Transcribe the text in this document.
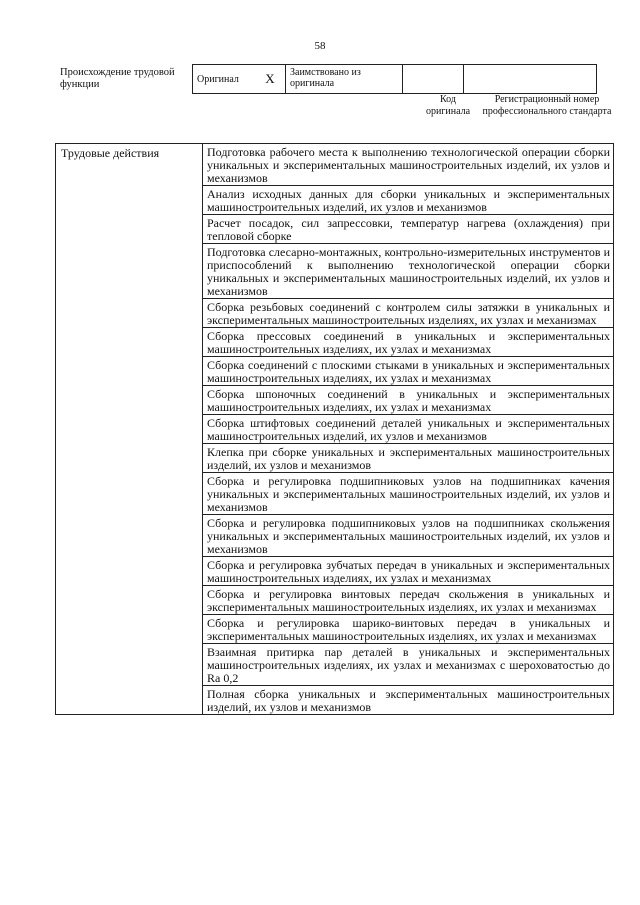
58
Происхождение трудовой функции	Оригинал	X	Заимствовано из оригинала		
Код оригинала
Регистрационный номер профессионального стандарта
Трудовые действия	Подготовка рабочего места к выполнению технологической операции сборки уникальных и экспериментальных машиностроительных изделий, их узлов и механизмов
Анализ исходных данных для сборки уникальных и экспериментальных машиностроительных изделий, их узлов и механизмов
Расчет посадок, сил запрессовки, температур нагрева (охлаждения) при тепловой сборке
Подготовка слесарно-монтажных, контрольно-измерительных инструментов и приспособлений к выполнению технологической операции сборки уникальных и экспериментальных машиностроительных изделий, их узлов и механизмов
Сборка резьбовых соединений с контролем силы затяжки в уникальных и экспериментальных машиностроительных изделиях, их узлах и механизмах
Сборка прессовых соединений в уникальных и экспериментальных машиностроительных изделиях, их узлах и механизмах
Сборка соединений с плоскими стыками в уникальных и экспериментальных машиностроительных изделиях, их узлах и механизмах
Сборка шпоночных соединений в уникальных и экспериментальных машиностроительных изделиях, их узлах и механизмах
Сборка штифтовых соединений деталей уникальных и экспериментальных машиностроительных изделий, их узлов и механизмов
Клепка при сборке уникальных и экспериментальных машиностроительных изделий, их узлов и механизмов
Сборка и регулировка подшипниковых узлов на подшипниках качения уникальных и экспериментальных машиностроительных изделий, их узлов и механизмов
Сборка и регулировка подшипниковых узлов на подшипниках скольжения уникальных и экспериментальных машиностроительных изделий, их узлов и механизмов
Сборка и регулировка зубчатых передач в уникальных и экспериментальных машиностроительных изделиях, их узлах и механизмах
Сборка и регулировка винтовых передач скольжения в уникальных и экспериментальных машиностроительных изделиях, их узлах и механизмах
Сборка и регулировка шарико-винтовых передач в уникальных и экспериментальных машиностроительных изделиях, их узлах и механизмах
Взаимная притирка пар деталей в уникальных и экспериментальных машиностроительных изделиях, их узлах и механизмах с шероховатостью до Ra 0,2
Полная сборка уникальных и экспериментальных машиностроительных изделий, их узлов и механизмов
